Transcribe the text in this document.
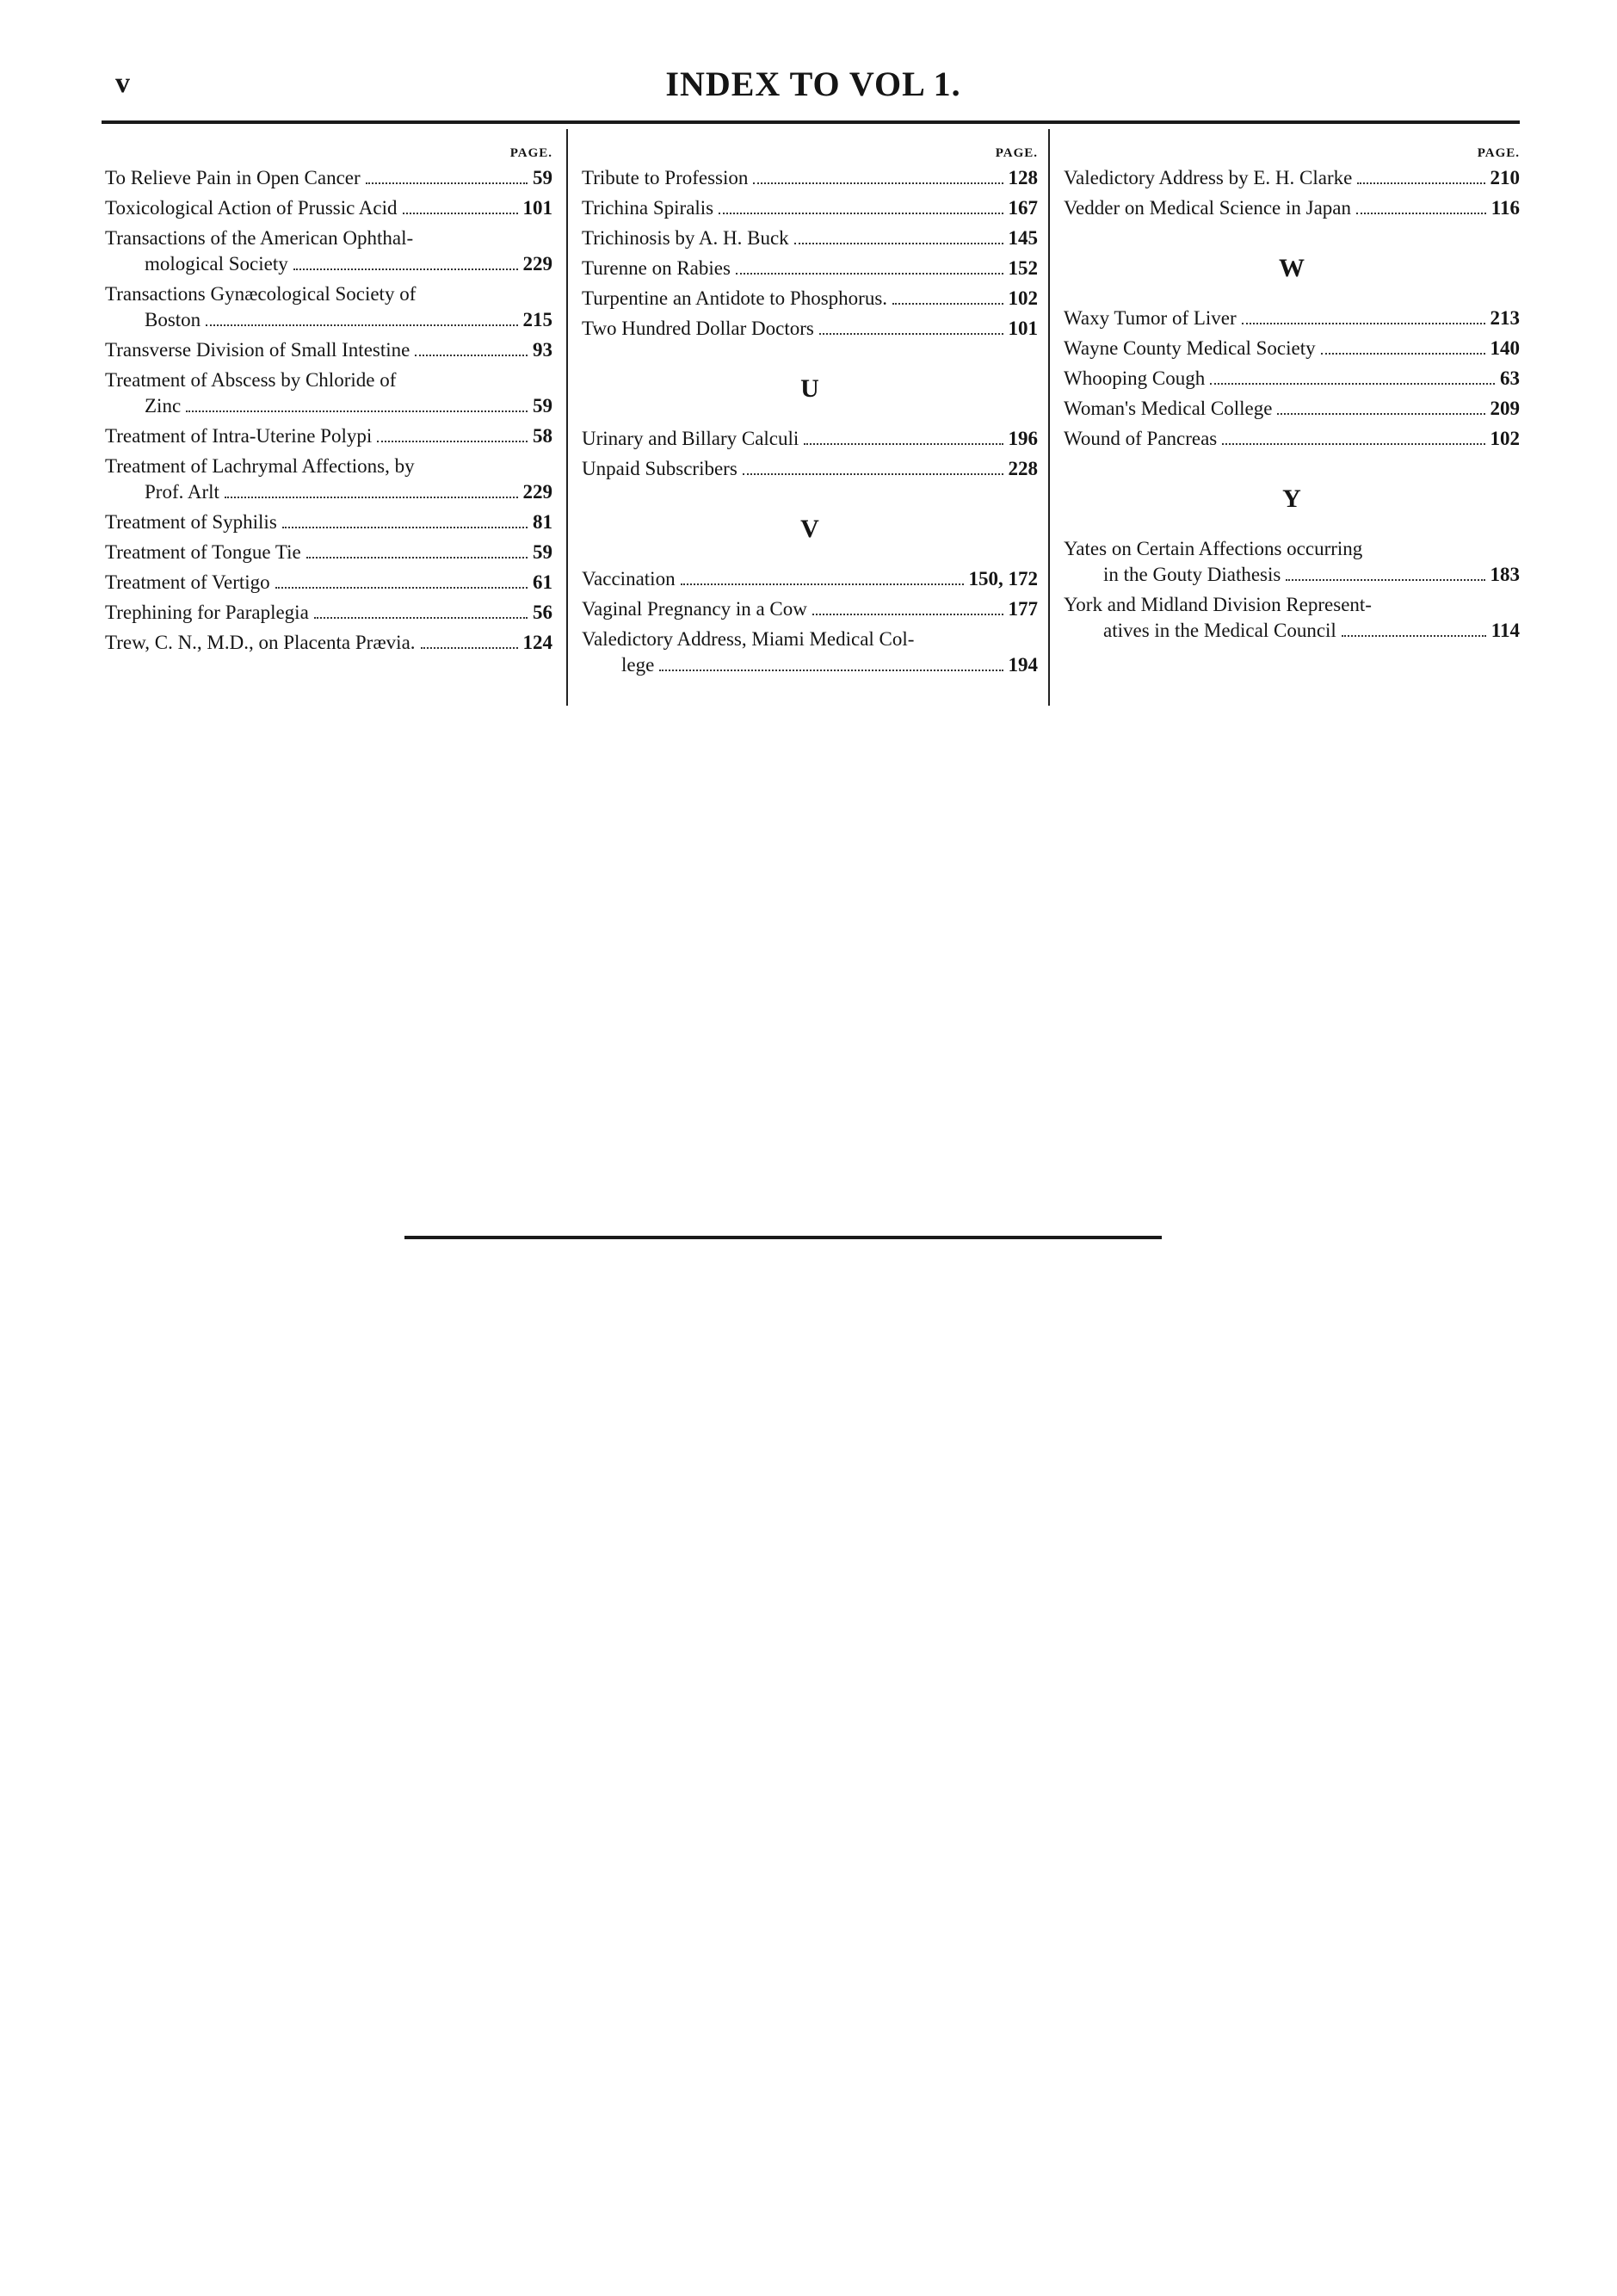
v	INDEX TO VOL 1.
PAGE.
To Relieve Pain in Open Cancer	59
Toxicological Action of Prussic Acid	101
Transactions of the American Ophthal-
mological Society	229
Transactions Gynæcological Society of
Boston	215
Transverse Division of Small Intestine	93
Treatment of Abscess by Chloride of
Zinc	59
Treatment of Intra-Uterine Polypi	58
Treatment of Lachrymal Affections, by
Prof. Arlt	229
Treatment of Syphilis	81
Treatment of Tongue Tie	59
Treatment of Vertigo	61
Trephining for Paraplegia	56
Trew, C. N., M.D., on Placenta Prævia.	124
PAGE.
Tribute to Profession	128
Trichina Spiralis	167
Trichinosis by A. H. Buck	145
Turenne on Rabies	152
Turpentine an Antidote to Phosphorus.	102
Two Hundred Dollar Doctors	101
U
Urinary and Billary Calculi	196
Unpaid Subscribers	228
V
Vaccination	150, 172
Vaginal Pregnancy in a Cow	177
Valedictory Address, Miami Medical Col-
lege	194
PAGE.
Valedictory Address by E. H. Clarke	210
Vedder on Medical Science in Japan	116
W
Waxy Tumor of Liver	213
Wayne County Medical Society	140
Whooping Cough	63
Woman's Medical College	209
Wound of Pancreas	102
Y
Yates on Certain Affections occurring
in the Gouty Diathesis	183
York and Midland Division Represent-
atives in the Medical Council	114
